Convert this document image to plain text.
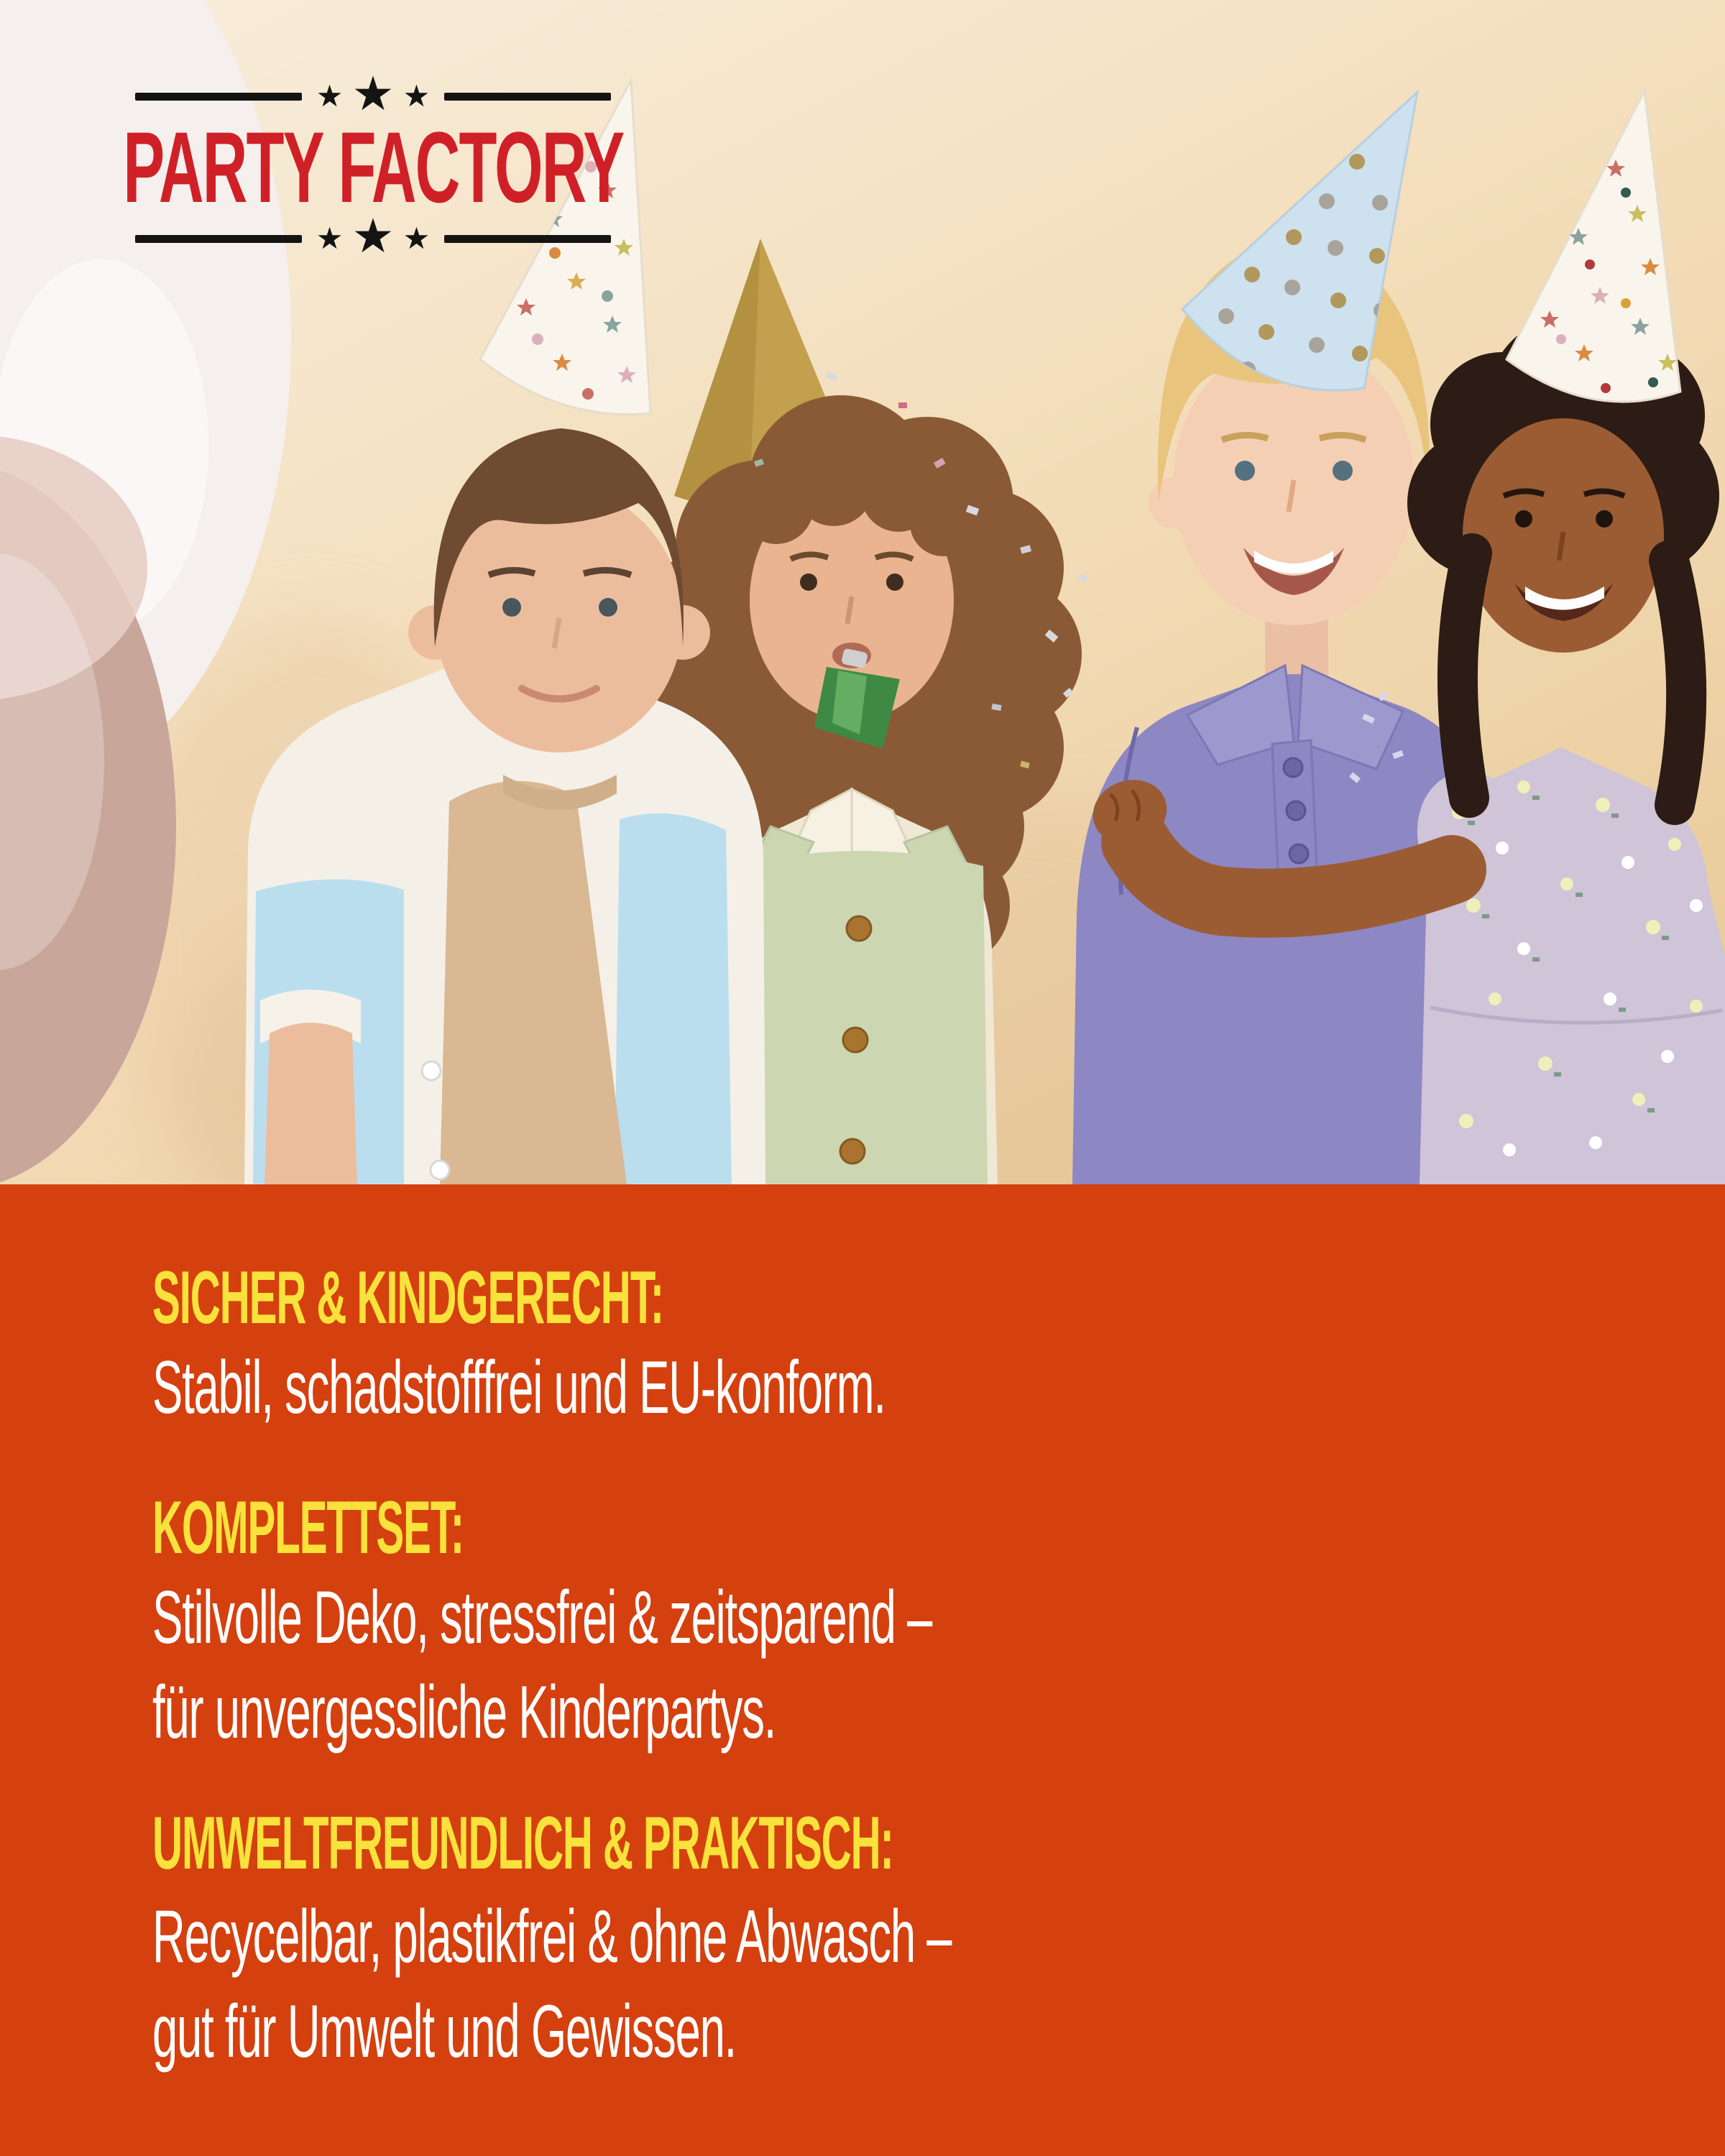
★ ★ ★
PARTY FACTORY
★ ★ ★
SICHER & KINDGERECHT:
Stabil, schadstofffrei und EU-konform.
KOMPLETTSET:
Stilvolle Deko, stressfrei & zeitsparend –
für unvergessliche Kinderpartys.
UMWELTFREUNDLICH & PRAKTISCH:
Recycelbar, plastikfrei & ohne Abwasch –
gut für Umwelt und Gewissen.
